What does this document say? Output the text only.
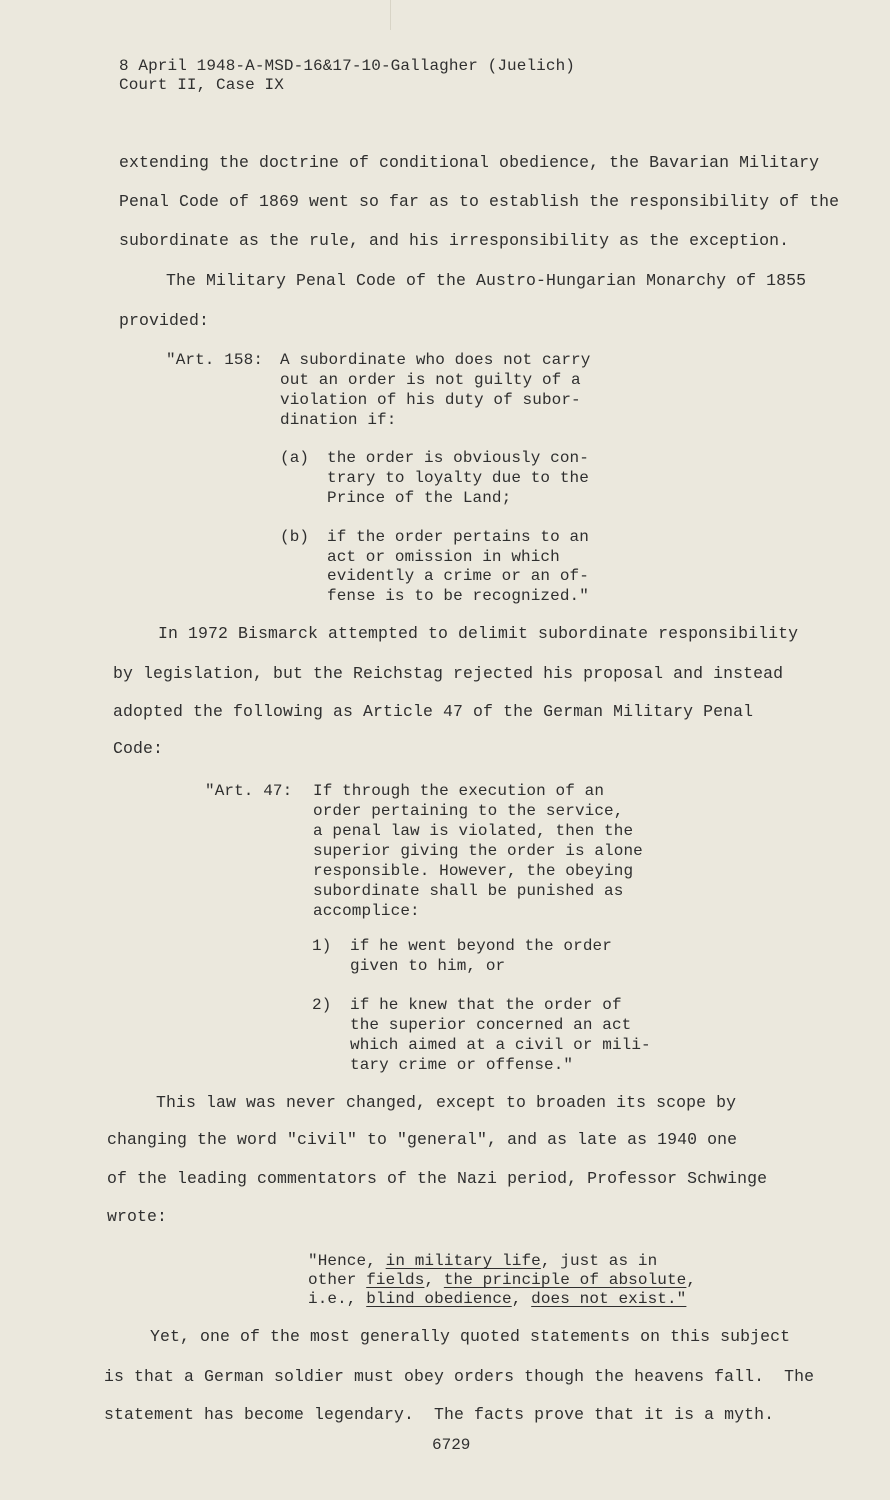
8 April 1948-A-MSD-16&17-10-Gallagher (Juelich)
Court II, Case IX
extending the doctrine of conditional obedience, the Bavarian Military
Penal Code of 1869 went so far as to establish the responsibility of the
subordinate as the rule, and his irresponsibility as the exception.
The Military Penal Code of the Austro-Hungarian Monarchy of 1855
provided:
"Art. 158: A subordinate who does not carry
out an order is not guilty of a
violation of his duty of subor-
dination if:
(a) the order is obviously con-
trary to loyalty due to the
Prince of the Land;
(b) if the order pertains to an
act or omission in which
evidently a crime or an of-
fense is to be recognized."
In 1972 Bismarck attempted to delimit subordinate responsibility
by legislation, but the Reichstag rejected his proposal and instead
adopted the following as Article 47 of the German Military Penal
Code:
"Art. 47: If through the execution of an
order pertaining to the service,
a penal law is violated, then the
superior giving the order is alone
responsible. However, the obeying
subordinate shall be punished as
accomplice:
1) if he went beyond the order
given to him, or
2) if he knew that the order of
the superior concerned an act
which aimed at a civil or mili-
tary crime or offense."
This law was never changed, except to broaden its scope by
changing the word "civil" to "general", and as late as 1940 one
of the leading commentators of the Nazi period, Professor Schwinge
wrote:
"Hence, in military life, just as in
other fields, the principle of absolute,
i.e., blind obedience, does not exist."
Yet, one of the most generally quoted statements on this subject
is that a German soldier must obey orders though the heavens fall.  The
statement has become legendary.  The facts prove that it is a myth.
6729
